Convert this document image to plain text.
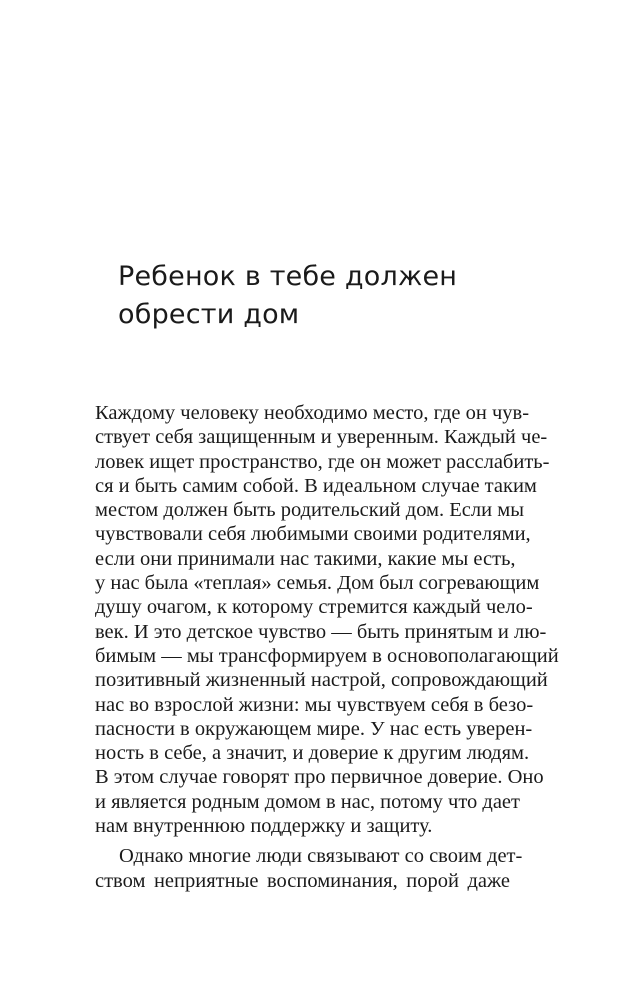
Ребенок в тебе должен
обрести дом
Каждому человеку необходимо место, где он чув-
ствует себя защищенным и уверенным. Каждый че-
ловек ищет пространство, где он может расслабить-
ся и быть самим собой. В идеальном случае таким
местом должен быть родительский дом. Если мы
чувствовали себя любимыми своими родителями,
если они принимали нас такими, какие мы есть,
у нас была «теплая» семья. Дом был согревающим
душу очагом, к которому стремится каждый чело-
век. И это детское чувство — быть принятым и лю-
бимым — мы трансформируем в основополагающий
позитивный жизненный настрой, сопровождающий
нас во взрослой жизни: мы чувствуем себя в безо-
пасности в окружающем мире. У нас есть уверен-
ность в себе, а значит, и доверие к другим людям.
В этом случае говорят про первичное доверие. Оно
и является родным домом в нас, потому что дает
нам внутреннюю поддержку и защиту.
Однако многие люди связывают со своим дет-
ством неприятные воспоминания, порой даже
